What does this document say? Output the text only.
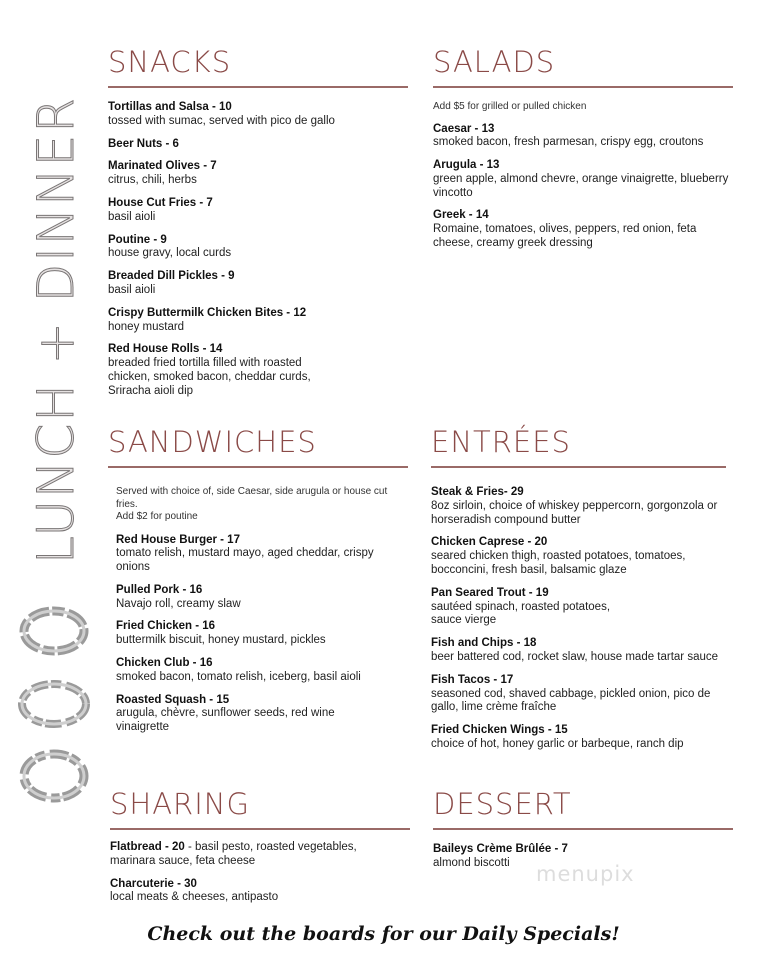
LUNCH + DINNER
SNACKS
Tortillas and Salsa - 10
tossed with sumac, served with pico de gallo
Beer Nuts - 6
Marinated Olives - 7
citrus, chili, herbs
House Cut Fries - 7
basil aioli
Poutine - 9
house gravy, local curds
Breaded Dill Pickles - 9
basil aioli
Crispy Buttermilk Chicken Bites - 12
honey mustard
Red House Rolls - 14
breaded fried tortilla filled with roasted chicken, smoked bacon, cheddar curds, Sriracha aioli dip
SALADS
Add $5 for grilled or pulled chicken
Caesar - 13
smoked bacon, fresh parmesan, crispy egg, croutons
Arugula - 13
green apple, almond chevre, orange vinaigrette, blueberry vincotto
Greek - 14
Romaine, tomatoes, olives, peppers, red onion, feta cheese, creamy greek dressing
SANDWICHES
Served with choice of, side Caesar, side arugula or house cut fries.
Add $2 for poutine
Red House Burger - 17
tomato relish, mustard mayo, aged cheddar, crispy onions
Pulled Pork - 16
Navajo roll, creamy slaw
Fried Chicken - 16
buttermilk biscuit, honey mustard, pickles
Chicken Club - 16
smoked bacon, tomato relish, iceberg, basil aioli
Roasted Squash - 15
arugula, chèvre, sunflower seeds, red wine vinaigrette
ENTRÉES
Steak & Fries- 29
8oz sirloin, choice of whiskey peppercorn, gorgonzola or horseradish compound butter
Chicken Caprese - 20
seared chicken thigh, roasted potatoes, tomatoes, bocconcini, fresh basil, balsamic glaze
Pan Seared Trout - 19
sautéed spinach, roasted potatoes, sauce vierge
Fish and Chips - 18
beer battered cod, rocket slaw, house made tartar sauce
Fish Tacos - 17
seasoned cod, shaved cabbage, pickled onion, pico de gallo, lime crème fraîche
Fried Chicken Wings - 15
choice of hot, honey garlic or barbeque, ranch dip
SHARING
Flatbread - 20 - basil pesto, roasted vegetables, marinara sauce, feta cheese
Charcuterie - 30
local meats & cheeses, antipasto
DESSERT
Baileys Crème Brûlée - 7
almond biscotti	menupix
Check out the boards for our Daily Specials!
